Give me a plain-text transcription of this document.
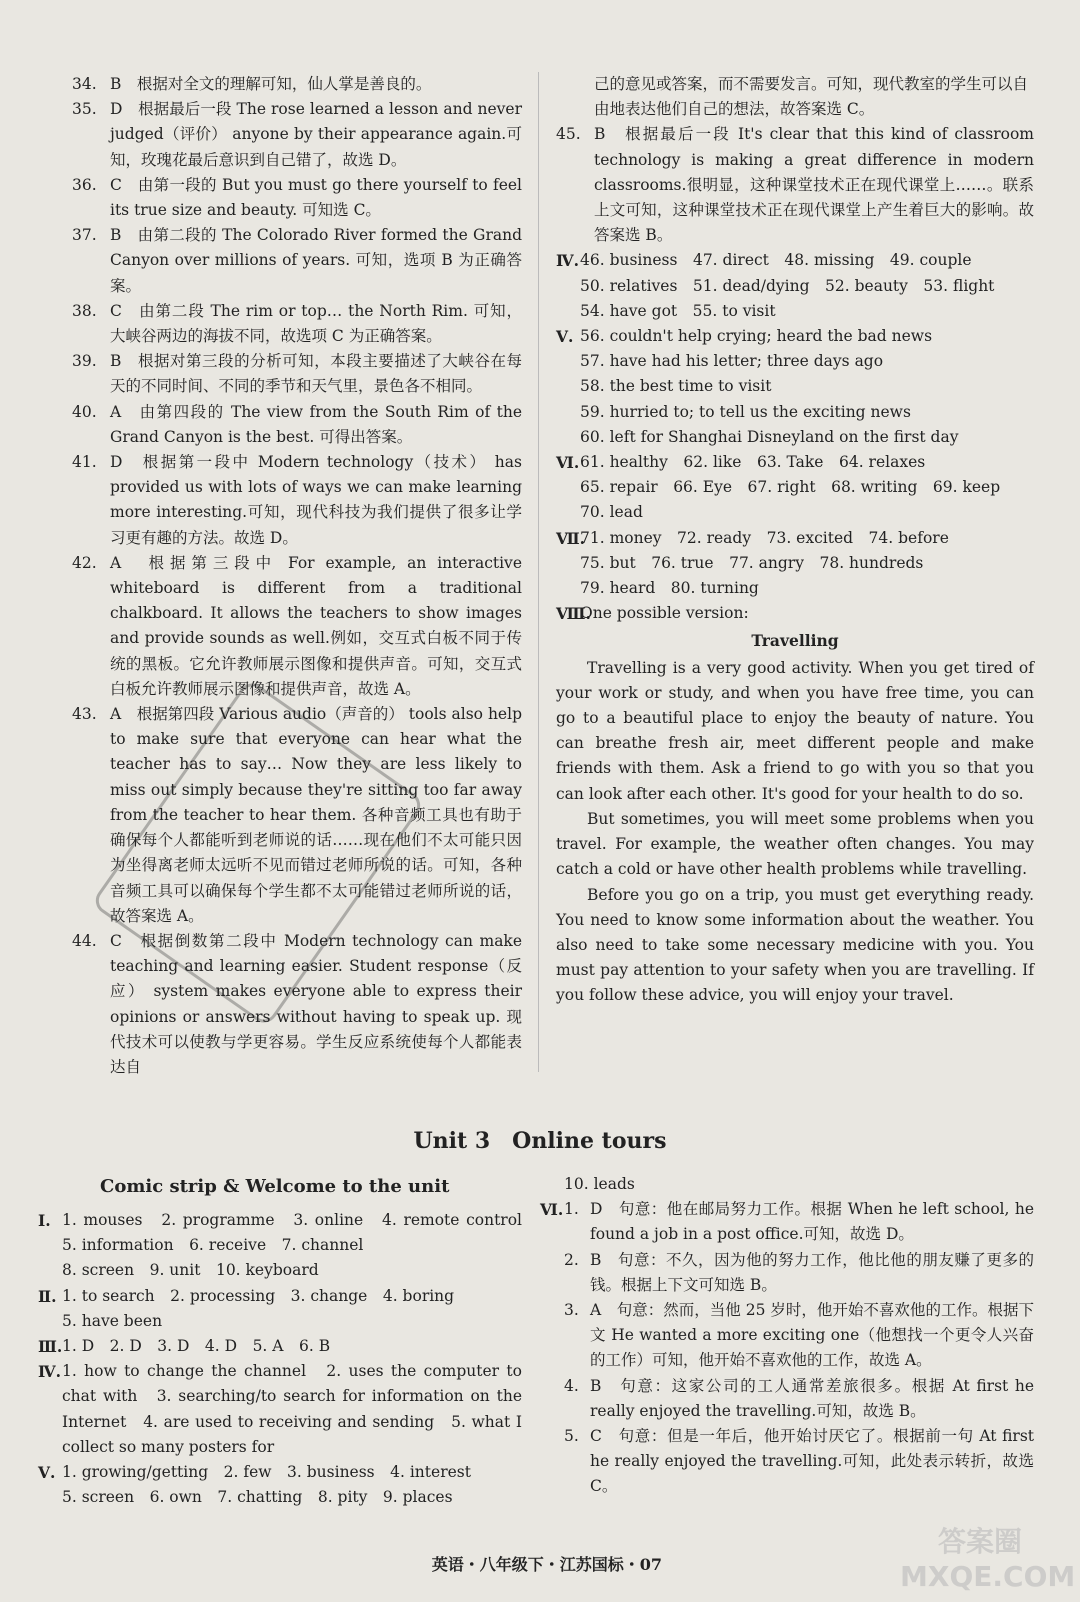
34. B　根据对全文的理解可知，仙人掌是善良的。
35. D　根据最后一段 The rose learned a lesson and never judged（评价） anyone by their appearance again.可知，玫瑰花最后意识到自己错了，故选 D。
36. C　由第一段的 But you must go there yourself to feel its true size and beauty. 可知选 C。
37. B　由第二段的 The Colorado River formed the Grand Canyon over millions of years. 可知，选项 B 为正确答案。
38. C　由第二段 The rim or top… the North Rim. 可知，大峡谷两边的海拔不同，故选项 C 为正确答案。
39. B　根据对第三段的分析可知，本段主要描述了大峡谷在每天的不同时间、不同的季节和天气里，景色各不相同。
40. A　由第四段的 The view from the South Rim of the Grand Canyon is the best. 可得出答案。
41. D　根据第一段中 Modern technology（技术） has provided us with lots of ways we can make learning more interesting.可知，现代科技为我们提供了很多让学习更有趣的方法。故选 D。
42. A　根据第三段中 For example, an interactive whiteboard is different from a traditional chalkboard. It allows the teachers to show images and provide sounds as well.例如，交互式白板不同于传统的黑板。它允许教师展示图像和提供声音。可知，交互式白板允许教师展示图像和提供声音，故选 A。
43. A　根据第四段 Various audio（声音的） tools also help to make sure that everyone can hear what the teacher has to say… Now they are less likely to miss out simply because they're sitting too far away from the teacher to hear them. 各种音频工具也有助于确保每个人都能听到老师说的话……现在他们不太可能只因为坐得离老师太远听不见而错过老师所说的话。可知，各种音频工具可以确保每个学生都不太可能错过老师所说的话，故答案选 A。
44. C　根据倒数第二段中 Modern technology can make teaching and learning easier. Student response（反应） system makes everyone able to express their opinions or answers without having to speak up. 现代技术可以使教与学更容易。学生反应系统使每个人都能表达自
己的意见或答案，而不需要发言。可知，现代教室的学生可以自由地表达他们自己的想法，故答案选 C。
45. B　根据最后一段 It's clear that this kind of classroom technology is making a great difference in modern classrooms.很明显，这种课堂技术正在现代课堂上……。联系上文可知，这种课堂技术正在现代课堂上产生着巨大的影响。故答案选 B。
Ⅳ. 46. business　47. direct　48. missing　49. couple
50. relatives　51. dead/dying　52. beauty　53. flight
54. have got　55. to visit
Ⅴ. 56. couldn't help crying; heard the bad news
57. have had his letter; three days ago
58. the best time to visit
59. hurried to; to tell us the exciting news
60. left for Shanghai Disneyland on the first day
Ⅵ. 61. healthy　62. like　63. Take　64. relaxes
65. repair　66. Eye　67. right　68. writing　69. keep
70. lead
Ⅶ.
71. money　72. ready　73. excited　74. before
75. but　76. true　77. angry　78. hundreds
79. heard　80. turning
Ⅷ.
One possible version:
Travelling
Travelling is a very good activity. When you get tired of your work or study, and when you have free time, you can go to a beautiful place to enjoy the beauty of nature. You can breathe fresh air, meet different people and make friends with them. Ask a friend to go with you so that you can look after each other. It's good for your health to do so.
But sometimes, you will meet some problems when you travel. For example, the weather often changes. You may catch a cold or have other health problems while travelling.
Before you go on a trip, you must get everything ready. You need to know some information about the weather. You also need to take some necessary medicine with you. You must pay attention to your safety when you are travelling. If you follow these advice, you will enjoy your travel.
Unit 3　Online tours
Comic strip & Welcome to the unit
Ⅰ. 1. mouses　2. programme　3. online　4. remote control　5. information　6. receive　7. channel
8. screen　9. unit　10. keyboard
Ⅱ. 1. to search　2. processing　3. change　4. boring
5. have been
Ⅲ. 1. D　2. D　3. D　4. D　5. A　6. B
Ⅳ. 1. how to change the channel　2. uses the computer to chat with　3. searching/to search for information on the Internet　4. are used to receiving and sending　5. what I collect so many posters for
Ⅴ. 1. growing/getting　2. few　3. business　4. interest
5. screen　6. own　7. chatting　8. pity　9. places
10. leads
Ⅵ. 1. D　句意：他在邮局努力工作。根据 When he left school, he found a job in a post office.可知，故选 D。
2. B　句意：不久，因为他的努力工作，他比他的朋友赚了更多的钱。根据上下文可知选 B。
3. A　句意：然而，当他 25 岁时，他开始不喜欢他的工作。根据下文 He wanted a more exciting one（他想找一个更令人兴奋的工作）可知，他开始不喜欢他的工作，故选 A。
4. B　句意：这家公司的工人通常差旅很多。根据 At first he really enjoyed the travelling.可知，故选 B。
5. C　句意：但是一年后，他开始讨厌它了。根据前一句 At first he really enjoyed the travelling.可知，此处表示转折，故选 C。
英语・八年级下・江苏国标・07
答案圈 MXQE.COM
